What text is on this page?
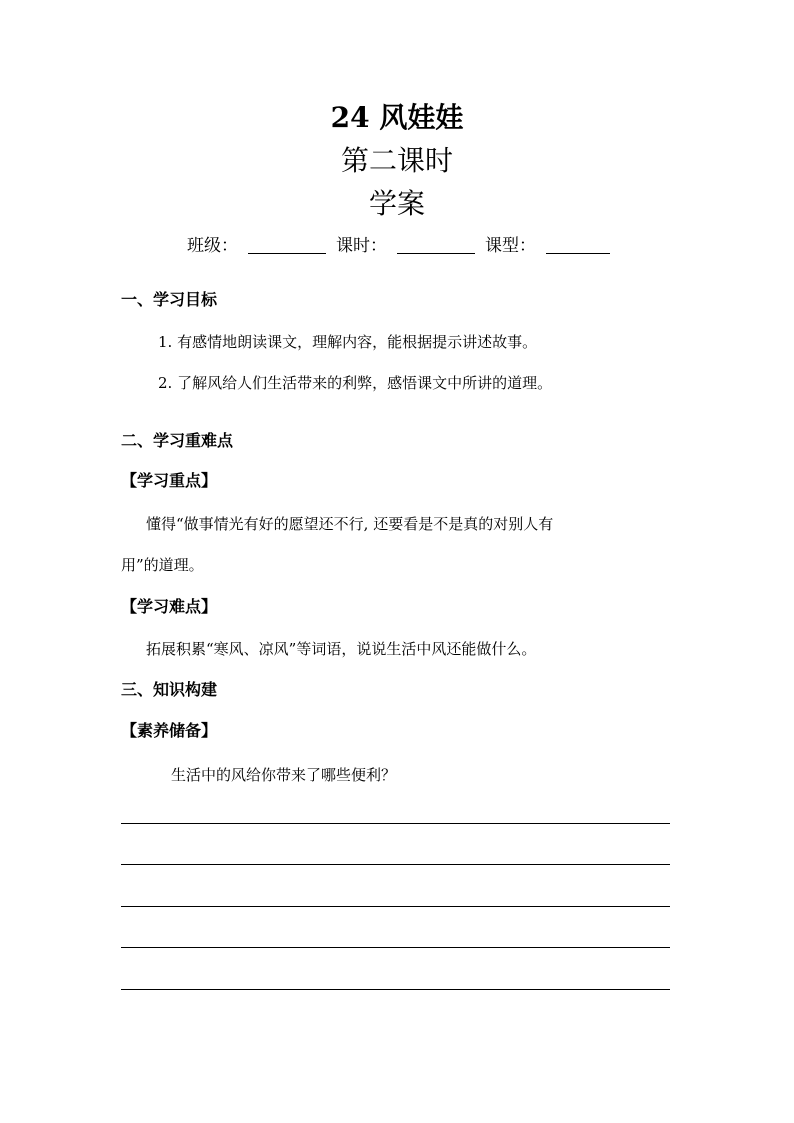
24 风娃娃
第二课时
学案
班级：	课时：	课型：
一、学习目标
1. 有感情地朗读课文，理解内容，能根据提示讲述故事。
2. 了解风给人们生活带来的利弊，感悟课文中所讲的道理。
二、学习重难点
【学习重点】
懂得“做事情光有好的愿望还不行, 还要看是不是真的对别人有
用”的道理。
【学习难点】
拓展积累“寒风、凉风”等词语，说说生活中风还能做什么。
三、知识构建
【素养储备】
生活中的风给你带来了哪些便利？
